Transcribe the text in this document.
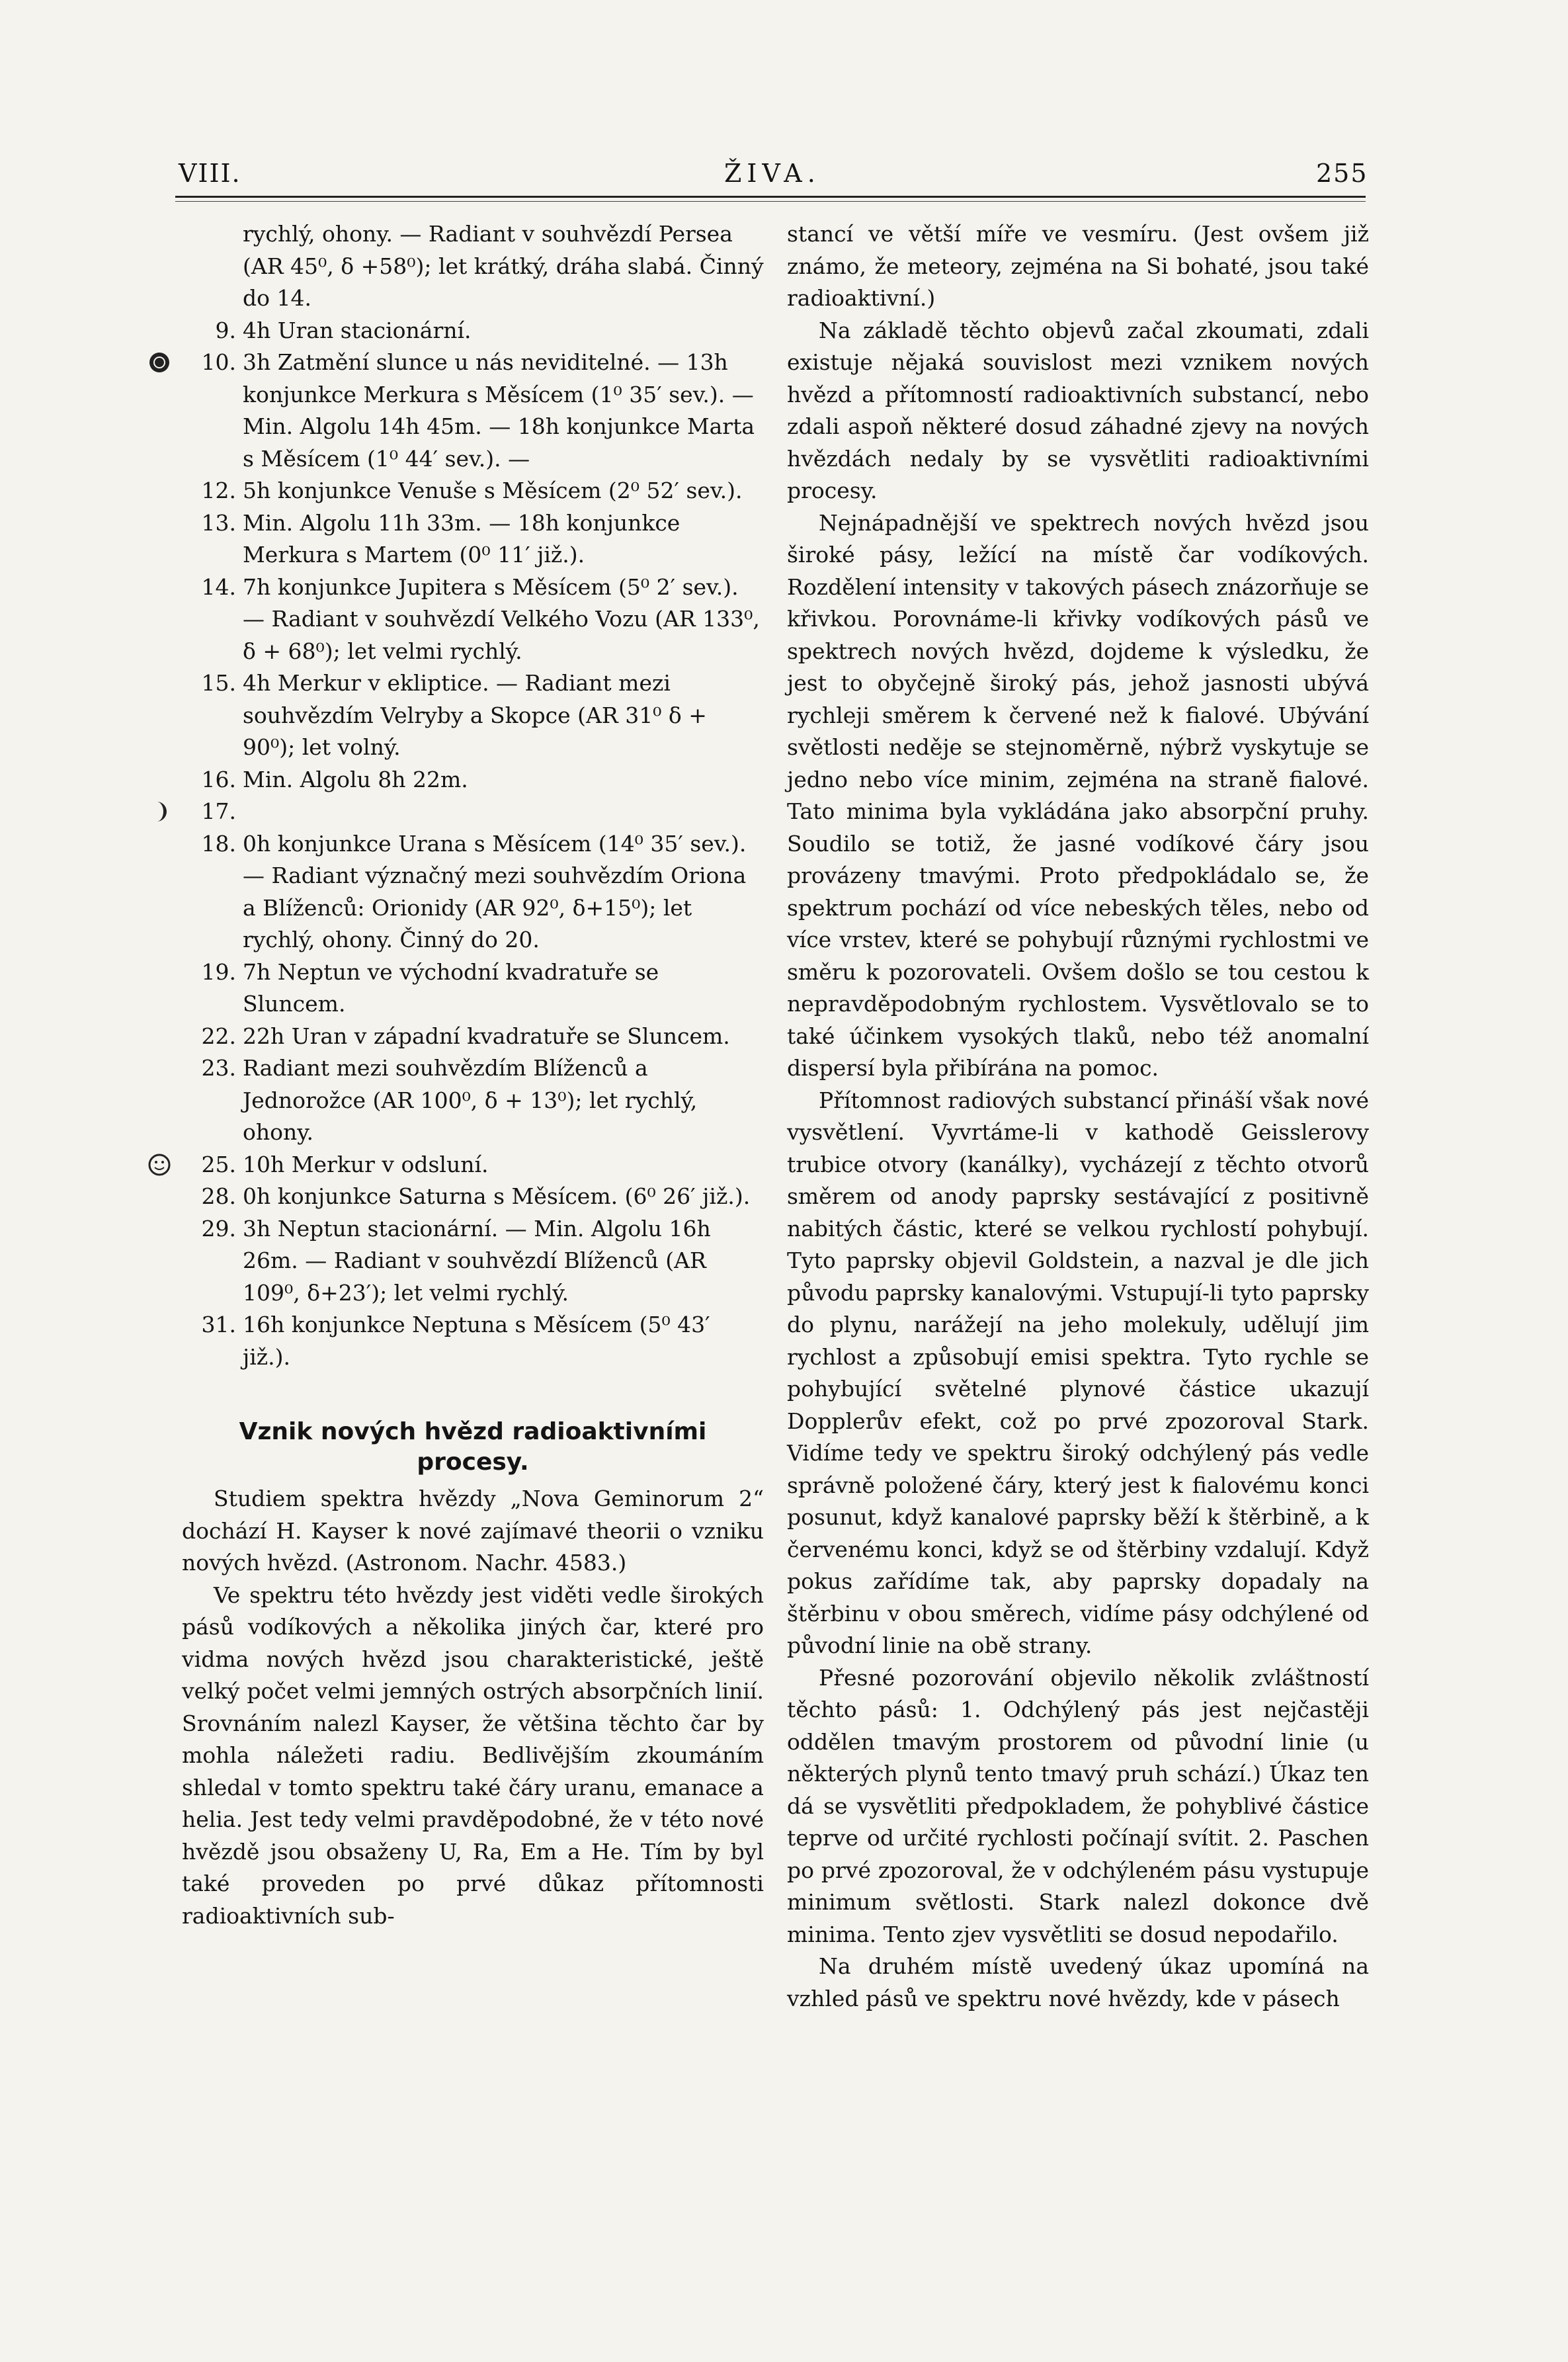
VIII.	ŽIVA.	255
rychlý, ohony. — Radiant v souhvězdí Persea (AR 45⁰, δ +58⁰); let krátký, dráha slabá. Činný do 14.
9. 4h Uran stacionární.
10. 3h Zatmění slunce u nás neviditelné. — 13h konjunkce Merkura s Měsícem (1⁰ 35′ sev.). — Min. Algolu 14h 45m. — 18h konjunkce Marta s Měsícem (1⁰ 44′ sev.). —
12. 5h konjunkce Venuše s Měsícem (2⁰ 52′ sev.).
13. Min. Algolu 11h 33m. — 18h konjunkce Merkura s Martem (0⁰ 11′ již.).
14. 7h konjunkce Jupitera s Měsícem (5⁰ 2′ sev.). — Radiant v souhvězdí Velkého Vozu (AR 133⁰, δ + 68⁰); let velmi rychlý.
15. 4h Merkur v ekliptice. — Radiant mezi souhvězdím Velryby a Skopce (AR 31⁰ δ + 90⁰); let volný.
16. Min. Algolu 8h 22m.
17.

18. 0h konjunkce Urana s Měsícem (14⁰ 35′ sev.). — Radiant význačný mezi souhvězdím Oriona a Blíženců: Orionidy (AR 92⁰, δ+15⁰); let rychlý, ohony. Činný do 20.
19. 7h Neptun ve východní kvadratuře se Sluncem.
22. 22h Uran v západní kvadratuře se Sluncem.
23. Radiant mezi souhvězdím Blíženců a Jednorožce (AR 100⁰, δ + 13⁰); let rychlý, ohony.
25. 10h Merkur v odsluní.
28. 0h konjunkce Saturna s Měsícem. (6⁰ 26′ již.).
29. 3h Neptun stacionární. — Min. Algolu 16h 26m. — Radiant v souhvězdí Blíženců (AR 109⁰, δ+23′); let velmi rychlý.
31. 16h konjunkce Neptuna s Měsícem (5⁰ 43′ již.).
Vznik nových hvězd radioaktivními procesy.

Studiem spektra hvězdy „Nova Geminorum 2“ dochází H. Kayser k nové zajímavé theorii o vzniku nových hvězd. (Astronom. Nachr. 4583.)

Ve spektru této hvězdy jest viděti vedle širokých pásů vodíkových a několika jiných čar, které pro vidma nových hvězd jsou charakteristické, ještě velký počet velmi jemných ostrých absorpčních linií. Srovnáním nalezl Kayser, že většina těchto čar by mohla náležeti radiu. Bedlivějším zkoumáním shledal v tomto spektru také čáry uranu, emanace a helia. Jest tedy velmi pravděpodobné, že v této nové hvězdě jsou obsaženy U, Ra, Em a He. Tím by byl také proveden po prvé důkaz přítomnosti radioaktivních sub-

stancí ve větší míře ve vesmíru. (Jest ovšem již známo, že meteory, zejména na Si bohaté, jsou také radioaktivní.)

Na základě těchto objevů začal zkoumati, zdali existuje nějaká souvislost mezi vznikem nových hvězd a přítomností radioaktivních substancí, nebo zdali aspoň některé dosud záhadné zjevy na nových hvězdách nedaly by se vysvětliti radioaktivními procesy.

Nejnápadnější ve spektrech nových hvězd jsou široké pásy, ležící na místě čar vodíkových. Rozdělení intensity v takových pásech znázorňuje se křivkou. Porovnáme-li křivky vodíkových pásů ve spektrech nových hvězd, dojdeme k výsledku, že jest to obyčejně široký pás, jehož jasnosti ubývá rychleji směrem k červené než k fialové. Ubývání světlosti neděje se stejnoměrně, nýbrž vyskytuje se jedno nebo více minim, zejména na straně fialové. Tato minima byla vykládána jako absorpční pruhy. Soudilo se totiž, že jasné vodíkové čáry jsou provázeny tmavými. Proto předpokládalo se, že spektrum pochází od více nebeských těles, nebo od více vrstev, které se pohybují různými rychlostmi ve směru k pozorovateli. Ovšem došlo se tou cestou k nepravděpodobným rychlostem. Vysvětlovalo se to také účinkem vysokých tlaků, nebo též anomalní dispersí byla přibírána na pomoc.

Přítomnost radiových substancí přináší však nové vysvětlení. Vyvrtáme-li v kathodě Geisslerovy trubice otvory (kanálky), vycházejí z těchto otvorů směrem od anody paprsky sestávající z positivně nabitých částic, které se velkou rychlostí pohybují. Tyto paprsky objevil Goldstein, a nazval je dle jich původu paprsky kanalovými. Vstupují-li tyto paprsky do plynu, narážejí na jeho molekuly, udělují jim rychlost a způsobují emisi spektra. Tyto rychle se pohybující světelné plynové částice ukazují Dopplerův efekt, což po prvé zpozoroval Stark. Vidíme tedy ve spektru široký odchýlený pás vedle správně položené čáry, který jest k fialovému konci posunut, když kanalové paprsky běží k štěrbině, a k červenému konci, když se od štěrbiny vzdalují. Když pokus zařídíme tak, aby paprsky dopadaly na štěrbinu v obou směrech, vidíme pásy odchýlené od původní linie na obě strany.

Přesné pozorování objevilo několik zvláštností těchto pásů: 1. Odchýlený pás jest nejčastěji oddělen tmavým prostorem od původní linie (u některých plynů tento tmavý pruh schází.) Úkaz ten dá se vysvětliti předpokladem, že pohyblivé částice teprve od určité rychlosti počínají svítit. 2. Paschen po prvé zpozoroval, že v odchýleném pásu vystupuje minimum světlosti. Stark nalezl dokonce dvě minima. Tento zjev vysvětliti se dosud nepodařilo.

Na druhém místě uvedený úkaz upomíná na vzhled pásů ve spektru nové hvězdy, kde v pásech
